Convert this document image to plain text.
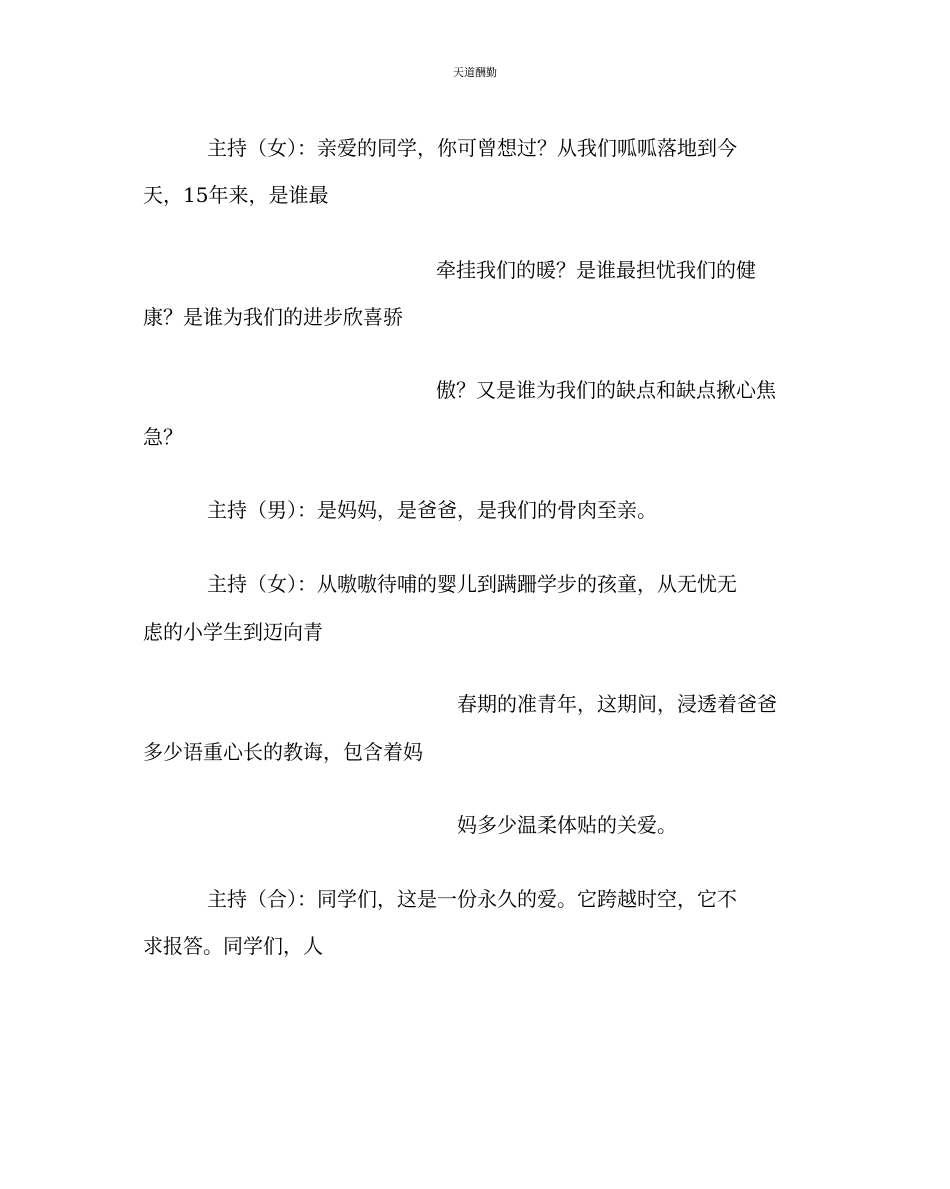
天道酬勤
主持（女）：亲爱的同学，你可曾想过？从我们呱呱落地到今
天，15年来，是谁最
牵挂我们的暖？是谁最担忧我们的健
康？是谁为我们的进步欣喜骄
傲？又是谁为我们的缺点和缺点揪心焦
急？
主持（男）：是妈妈，是爸爸，是我们的骨肉至亲。
主持（女）：从嗷嗷待哺的婴儿到蹒跚学步的孩童，从无忧无
虑的小学生到迈向青
春期的准青年，这期间，浸透着爸爸
多少语重心长的教诲，包含着妈
妈多少温柔体贴的关爱。
主持（合）：同学们，这是一份永久的爱。它跨越时空，它不
求报答。同学们，人
